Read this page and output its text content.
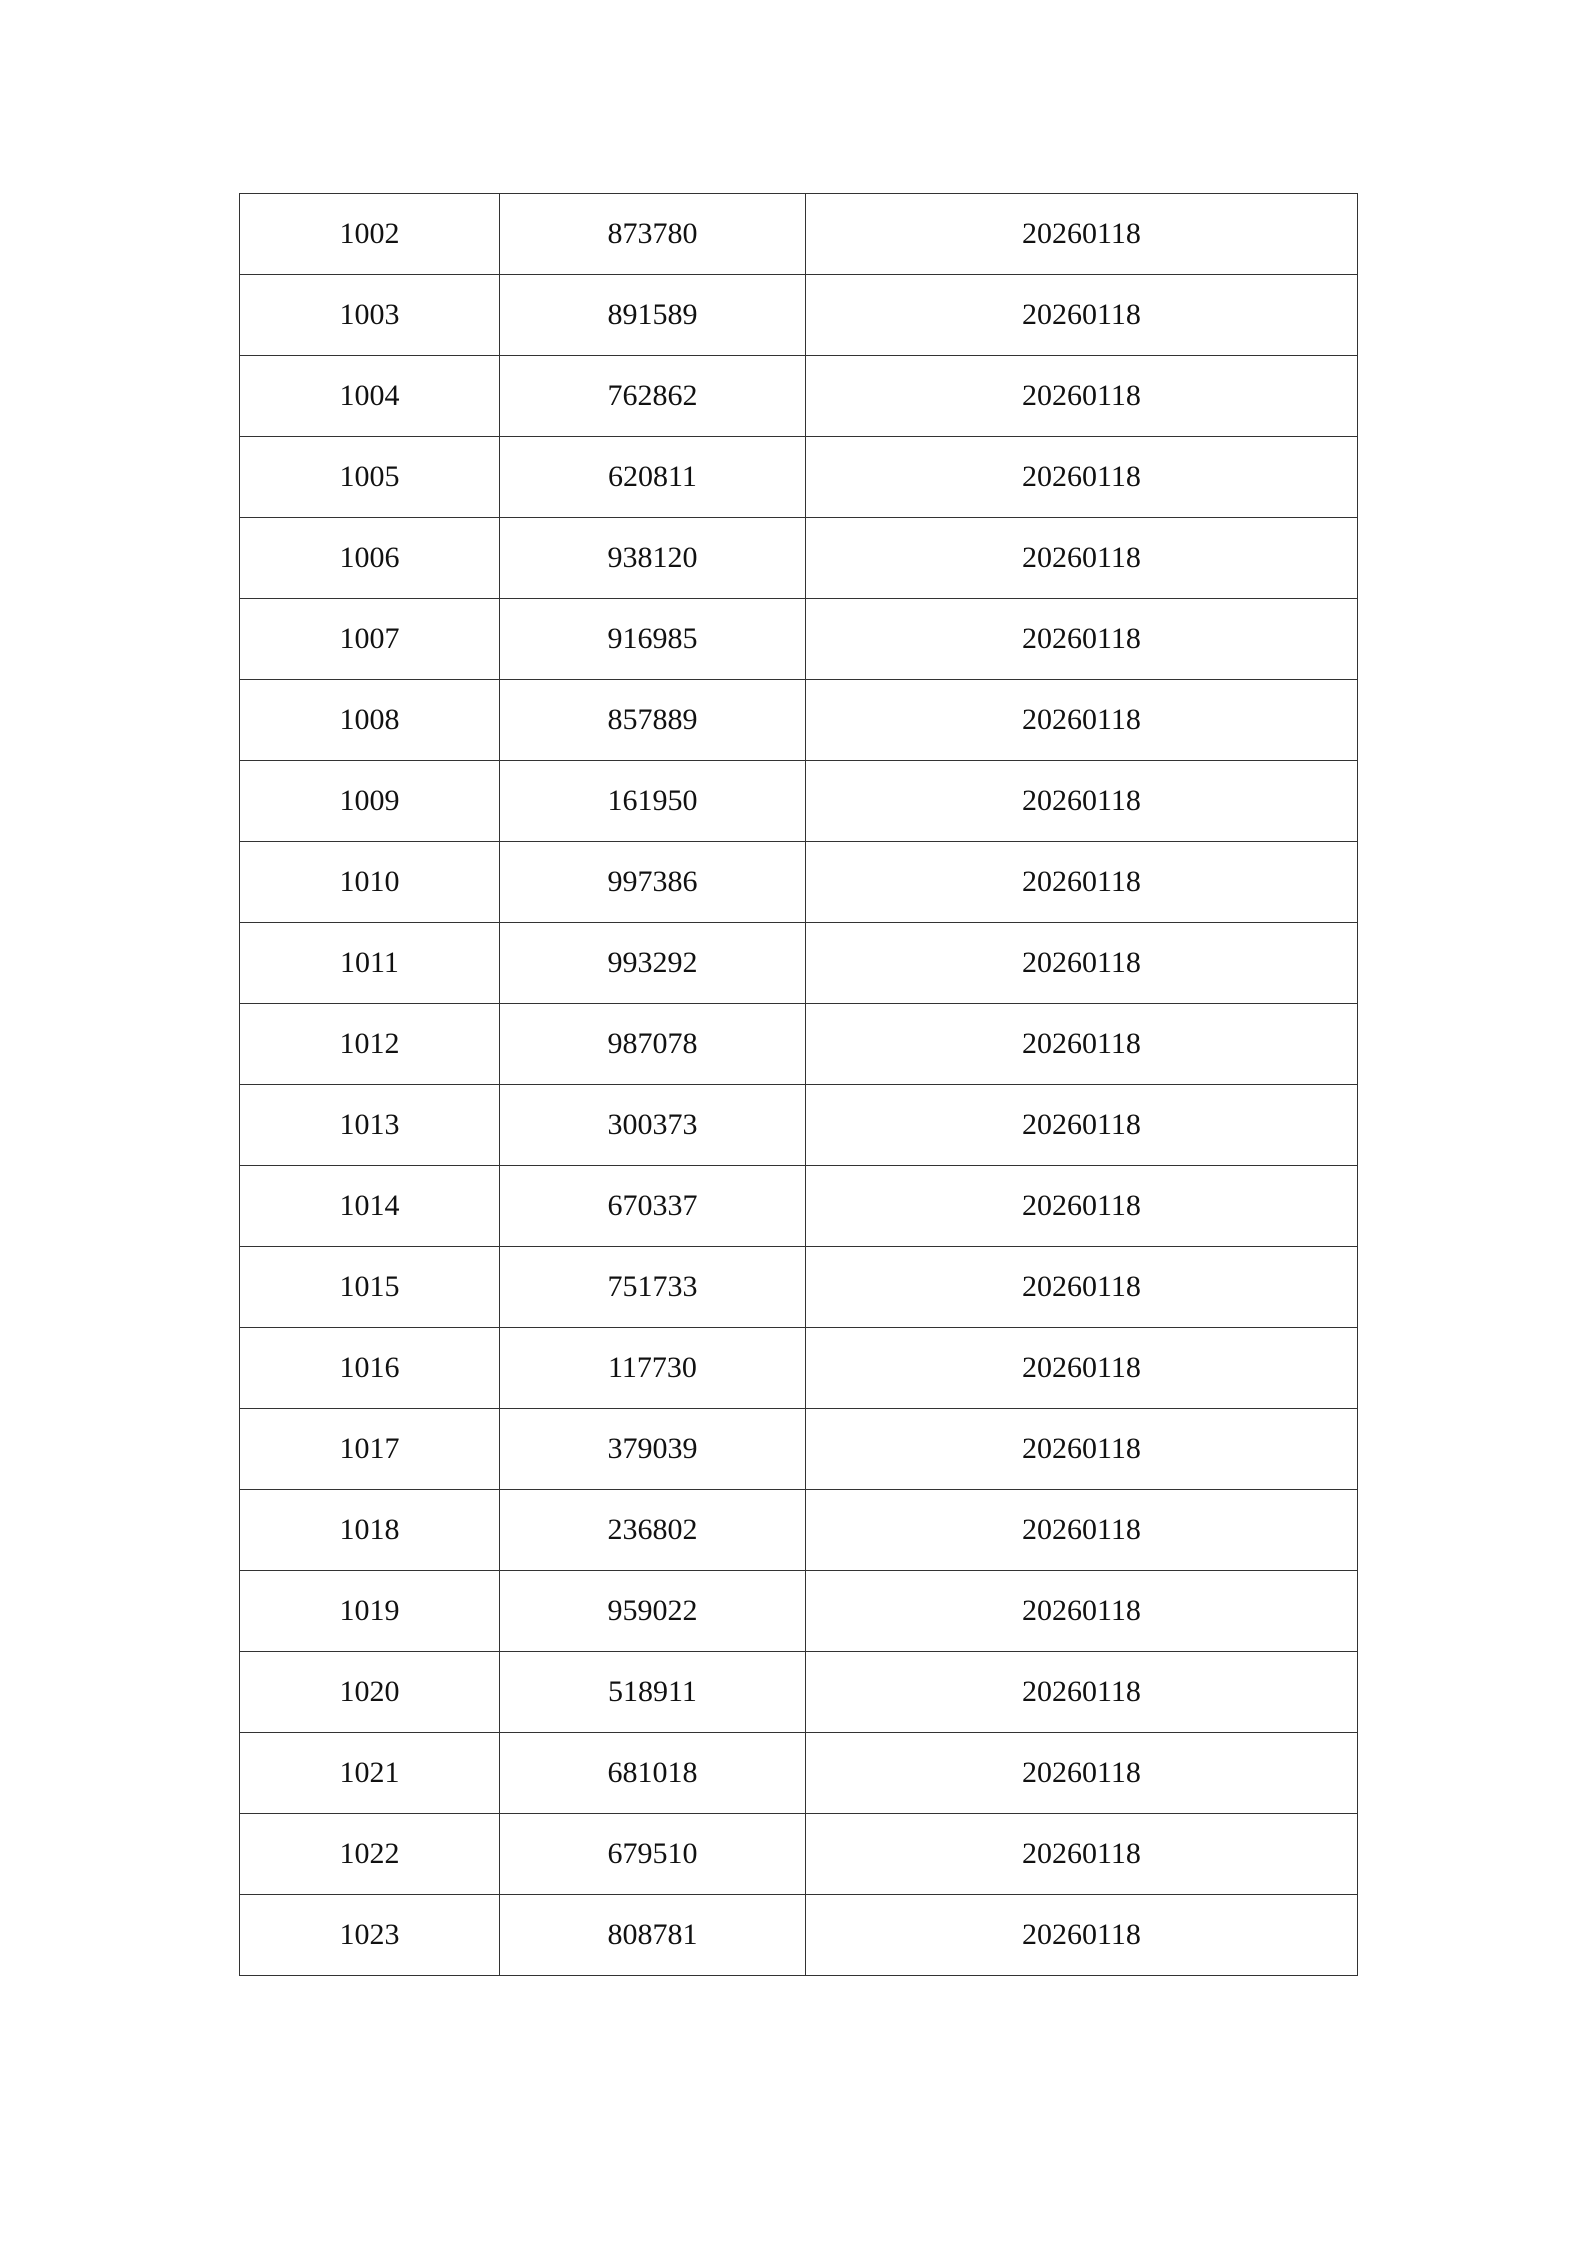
1002	873780	20260118
1003	891589	20260118
1004	762862	20260118
1005	620811	20260118
1006	938120	20260118
1007	916985	20260118
1008	857889	20260118
1009	161950	20260118
1010	997386	20260118
1011	993292	20260118
1012	987078	20260118
1013	300373	20260118
1014	670337	20260118
1015	751733	20260118
1016	117730	20260118
1017	379039	20260118
1018	236802	20260118
1019	959022	20260118
1020	518911	20260118
1021	681018	20260118
1022	679510	20260118
1023	808781	20260118
